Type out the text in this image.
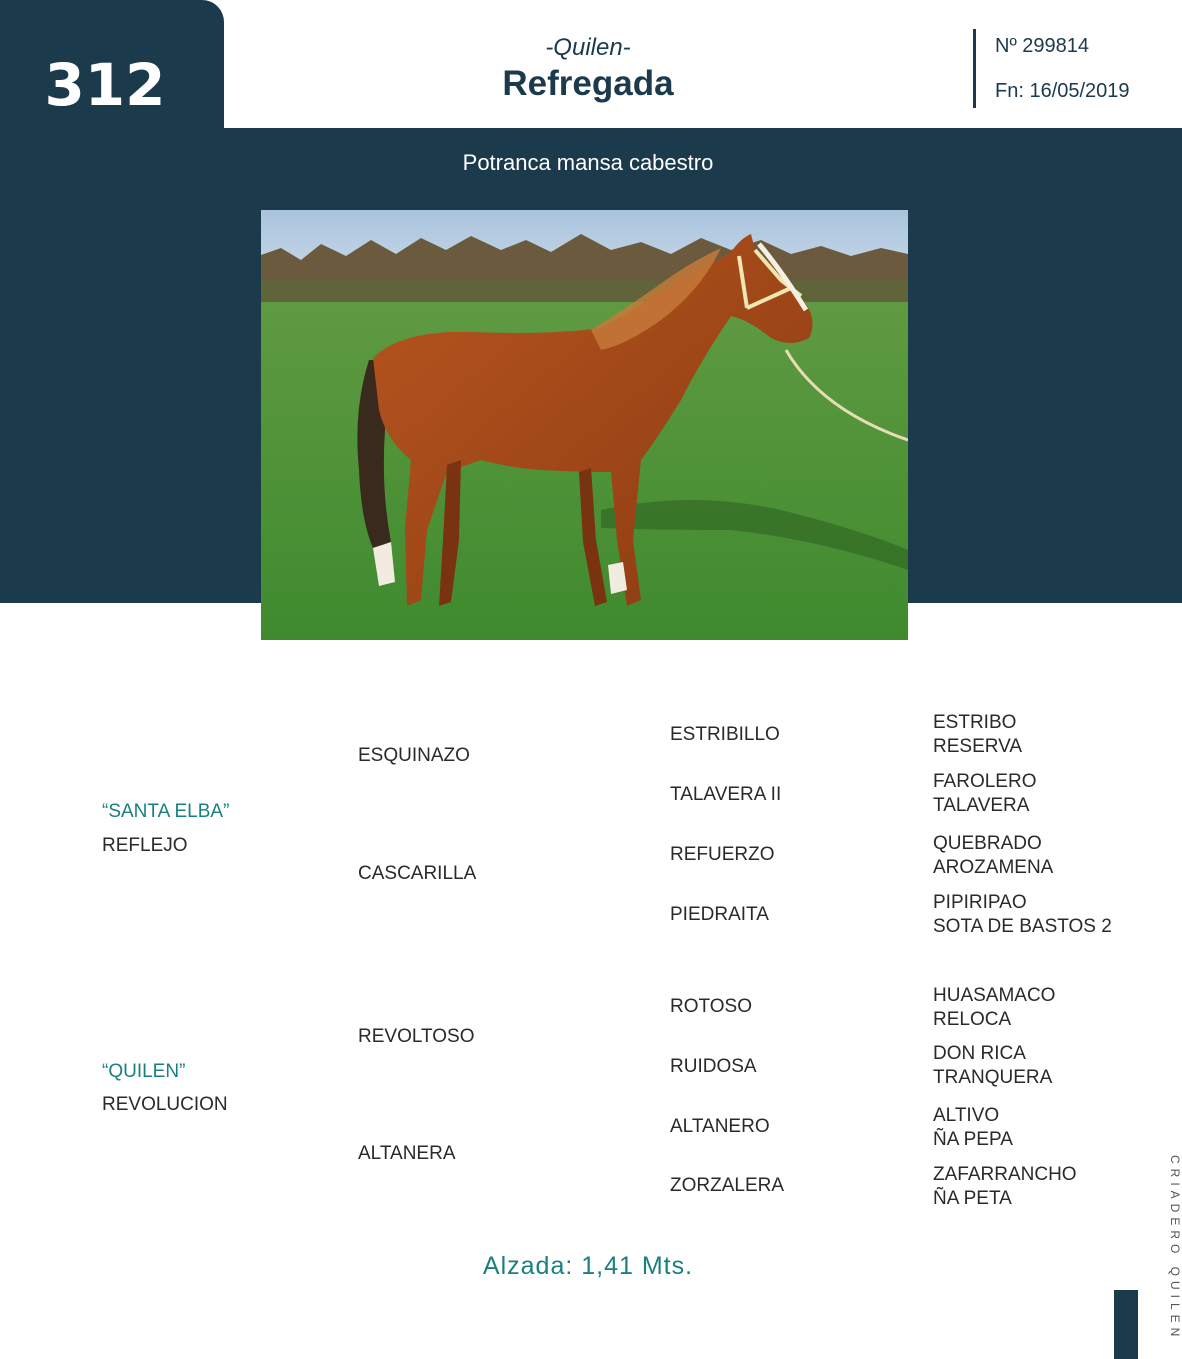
312
-Quilen-
Refregada
Nº 299814
Fn: 16/05/2019
Potranca mansa cabestro
“SANTA ELBA”
REFLEJO
ESQUINAZO
CASCARILLA
ESTRIBILLO
TALAVERA II
REFUERZO
PIEDRAITA
ESTRIBO
RESERVA
FAROLERO
TALAVERA
QUEBRADO
AROZAMENA
PIPIRIPAO
SOTA DE BASTOS 2
“QUILEN”
REVOLUCION
REVOLTOSO
ALTANERA
ROTOSO
RUIDOSA
ALTANERO
ZORZALERA
HUASAMACO
RELOCA
DON RICA
TRANQUERA
ALTIVO
ÑA PEPA
ZAFARRANCHO
ÑA PETA
Alzada: 1,41 Mts.	CRIADERO QUILEN
